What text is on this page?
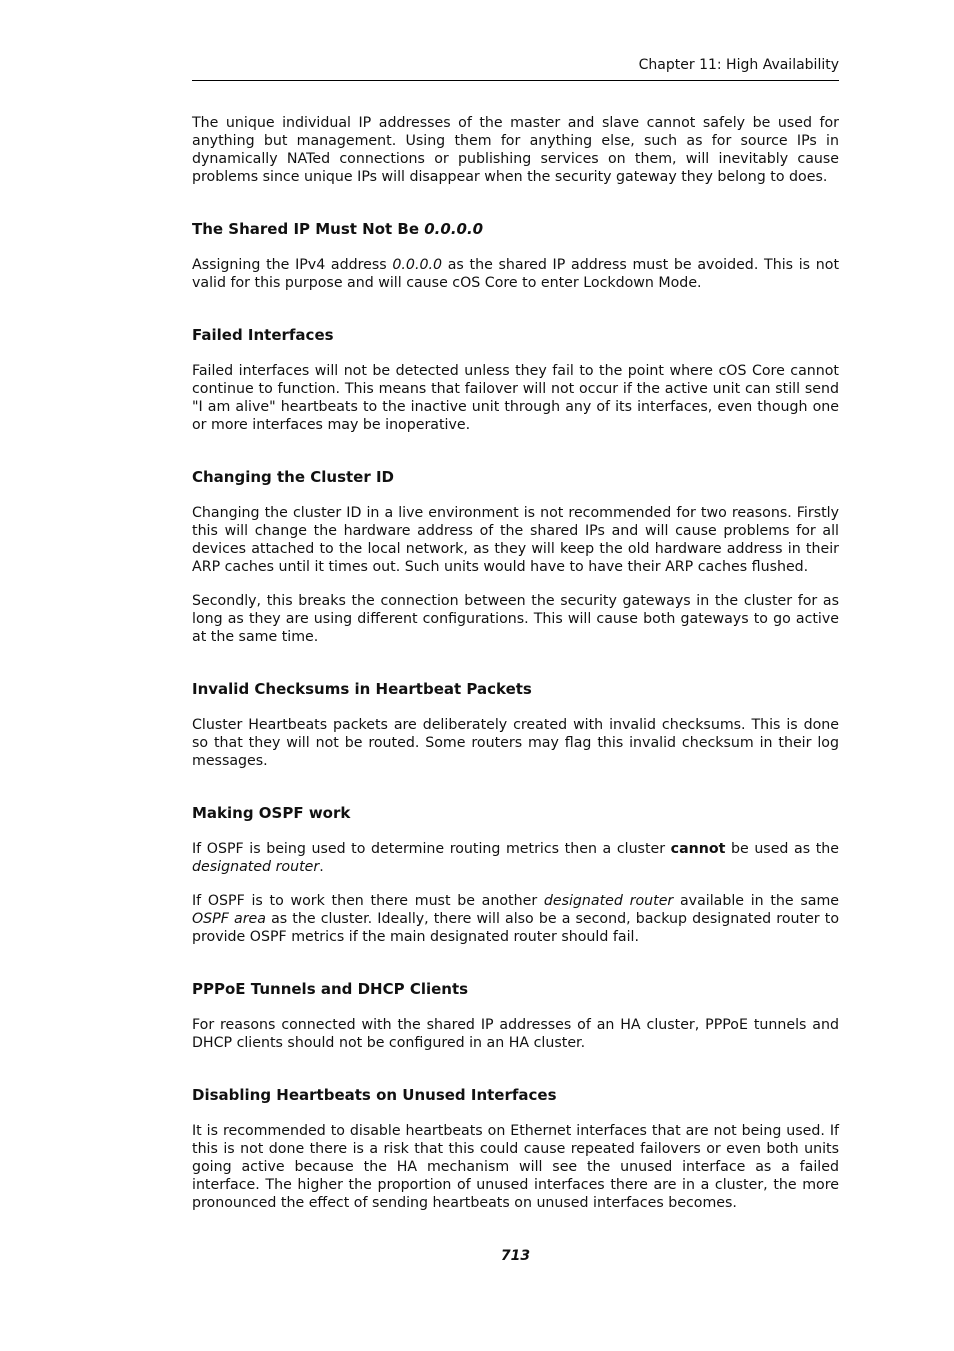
Chapter 11: High Availability

The unique individual IP addresses of the master and slave cannot safely be used for anything but management. Using them for anything else, such as for source IPs in dynamically NATed connections or publishing services on them, will inevitably cause problems since unique IPs will disappear when the security gateway they belong to does.

The Shared IP Must Not Be 0.0.0.0

Assigning the IPv4 address 0.0.0.0 as the shared IP address must be avoided. This is not valid for this purpose and will cause cOS Core to enter Lockdown Mode.

Failed Interfaces

Failed interfaces will not be detected unless they fail to the point where cOS Core cannot continue to function. This means that failover will not occur if the active unit can still send "I am alive" heartbeats to the inactive unit through any of its interfaces, even though one or more interfaces may be inoperative.

Changing the Cluster ID

Changing the cluster ID in a live environment is not recommended for two reasons. Firstly this will change the hardware address of the shared IPs and will cause problems for all devices attached to the local network, as they will keep the old hardware address in their ARP caches until it times out. Such units would have to have their ARP caches flushed.

Secondly, this breaks the connection between the security gateways in the cluster for as long as they are using different configurations. This will cause both gateways to go active at the same time.

Invalid Checksums in Heartbeat Packets

Cluster Heartbeats packets are deliberately created with invalid checksums. This is done so that they will not be routed. Some routers may flag this invalid checksum in their log messages.

Making OSPF work

If OSPF is being used to determine routing metrics then a cluster cannot be used as the designated router.

If OSPF is to work then there must be another designated router available in the same OSPF area as the cluster. Ideally, there will also be a second, backup designated router to provide OSPF metrics if the main designated router should fail.

PPPoE Tunnels and DHCP Clients

For reasons connected with the shared IP addresses of an HA cluster, PPPoE tunnels and DHCP clients should not be configured in an HA cluster.

Disabling Heartbeats on Unused Interfaces

It is recommended to disable heartbeats on Ethernet interfaces that are not being used. If this is not done there is a risk that this could cause repeated failovers or even both units going active because the HA mechanism will see the unused interface as a failed interface. The higher the proportion of unused interfaces there are in a cluster, the more pronounced the effect of sending heartbeats on unused interfaces becomes.

713
